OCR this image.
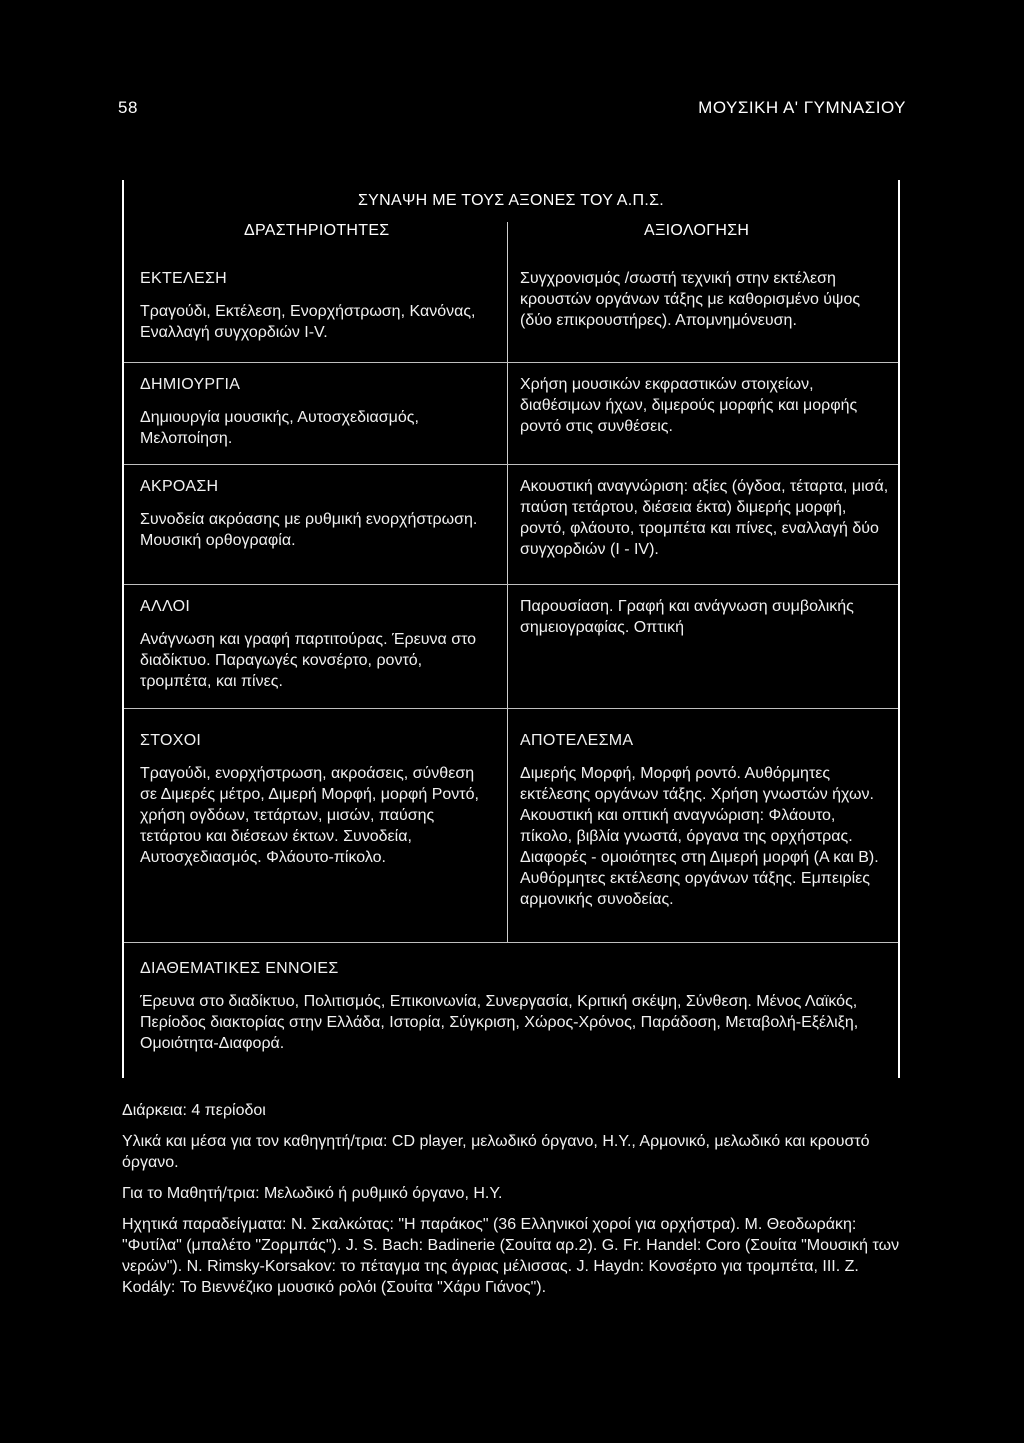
58	ΜΟΥΣΙΚΗ Α' ΓΥΜΝΑΣΙΟΥ
ΣΥΝΑΨΗ ΜΕ ΤΟΥΣ ΑΞΟΝΕΣ ΤΟΥ Α.Π.Σ.
ΔΡΑΣΤΗΡΙΟΤΗΤΕΣ	ΑΞΙΟΛΟΓΗΣΗ
ΕΚΤΕΛΕΣΗ

Τραγούδι, Εκτέλεση, Ενορχήστρωση, Κανόνας, Εναλλαγή συγχορδιών Ι-V.

Συγχρονισμός /σωστή τεχνική στην εκτέλεση κρουστών οργάνων τάξης με καθορισμένο ύψος (δύο επικρουστήρες). Απομνημόνευση.

ΔΗΜΙΟΥΡΓΙΑ

Δημιουργία μουσικής, Αυτοσχεδιασμός, Μελοποίηση.

Χρήση μουσικών εκφραστικών στοιχείων, διαθέσιμων ήχων, διμερούς μορφής και μορφής ροντό στις συνθέσεις.

ΑΚΡΟΑΣΗ

Συνοδεία ακρόασης με ρυθμική ενορχήστρωση. Μουσική ορθογραφία.

Ακουστική αναγνώριση: αξίες (όγδοα, τέταρτα, μισά, παύση τετάρτου, διέσεια έκτα) διμερής μορφή, ροντό, φλάουτο, τρομπέτα και πίνες, εναλλαγή δύο συγχορδιών (Ι - IV).

ΑΛΛΟΙ

Ανάγνωση και γραφή παρτιτούρας. Έρευνα στο διαδίκτυο. Παραγωγές κονσέρτο, ροντό, τρομπέτα, και πίνες.

Παρουσίαση. Γραφή και ανάγνωση συμβολικής σημειογραφίας. Οπτική

ΣΤΟΧΟΙ

Τραγούδι, ενορχήστρωση, ακροάσεις, σύνθεση σε Διμερές μέτρο, Διμερή Μορφή, μορφή Ροντό, χρήση ογδόων, τετάρτων, μισών, παύσης τετάρτου και διέσεων έκτων. Συνοδεία, Αυτοσχεδιασμός. Φλάουτο-πίκολο.

ΑΠΟΤΕΛΕΣΜΑ

Διμερής Μορφή, Μορφή ροντό. Αυθόρμητες εκτέλεσης οργάνων τάξης. Χρήση γνωστών ήχων. Ακουστική και οπτική αναγνώριση: Φλάουτο, πίκολο, βιβλία γνωστά, όργανα της ορχήστρας. Διαφορές - ομοιότητες στη Διμερή μορφή (Α και Β). Αυθόρμητες εκτέλεσης οργάνων τάξης. Εμπειρίες αρμονικής συνοδείας.

ΔΙΑΘΕΜΑΤΙΚΕΣ ΕΝΝΟΙΕΣ

Έρευνα στο διαδίκτυο, Πολιτισμός, Επικοινωνία, Συνεργασία, Κριτική σκέψη, Σύνθεση. Μένος Λαϊκός, Περίοδος διακτορίας στην Ελλάδα, Ιστορία, Σύγκριση, Χώρος-Χρόνος, Παράδοση, Μεταβολή-Εξέλιξη, Ομοιότητα-Διαφορά.

Διάρκεια: 4 περίοδοι

Υλικά και μέσα για τον καθηγητή/τρια: CD player, μελωδικό όργανο, Η.Υ., Αρμονικό, μελωδικό και κρουστό όργανο.

Για το Μαθητή/τρια: Μελωδικό ή ρυθμικό όργανο, Η.Υ.

Ηχητικά παραδείγματα: Ν. Σκαλκώτας: "Η παράκος" (36 Ελληνικοί χοροί για ορχήστρα). Μ. Θεοδωράκη: "Φυτίλα" (μπαλέτο "Ζορμπάς"). J. S. Bach: Badinerie (Σουίτα αρ.2). G. Fr. Handel: Coro (Σουίτα "Μουσική των νερών"). N. Rimsky-Korsakov: το πέταγμα της άγριας μέλισσας. J. Haydn: Κονσέρτο για τρομπέτα, III. Z. Kodály: Το Βιεννέζικο μουσικό ρολόι (Σουίτα "Χάρυ Γιάνος").
